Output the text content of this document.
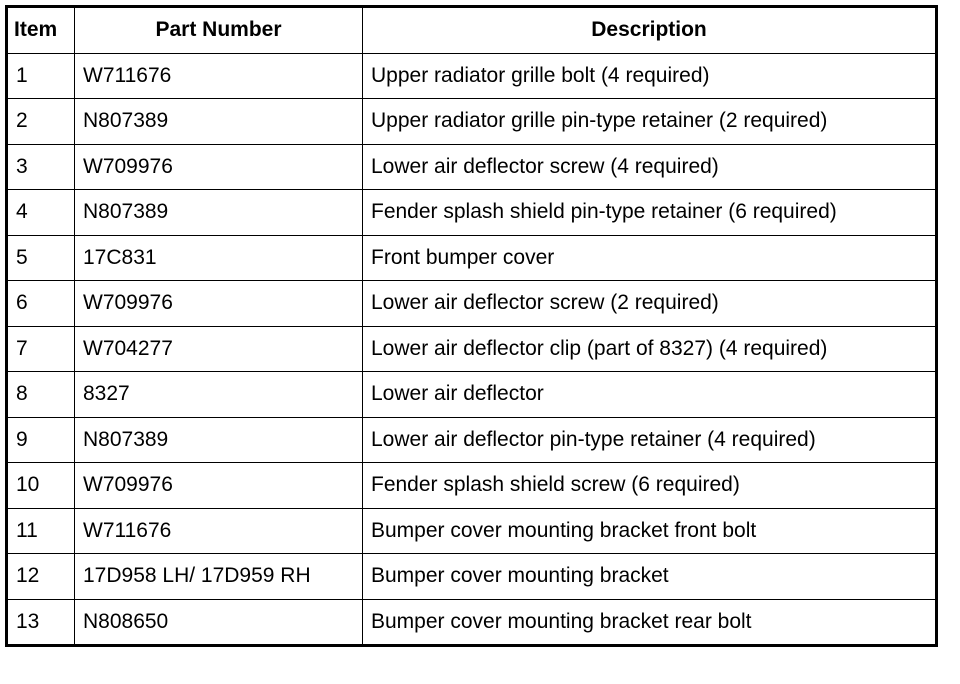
Item	Part Number	Description
1	W711676	Upper radiator grille bolt (4 required)
2	N807389	Upper radiator grille pin-type retainer (2 required)
3	W709976	Lower air deflector screw (4 required)
4	N807389	Fender splash shield pin-type retainer (6 required)
5	17C831	Front bumper cover
6	W709976	Lower air deflector screw (2 required)
7	W704277	Lower air deflector clip (part of 8327) (4 required)
8	8327	Lower air deflector
9	N807389	Lower air deflector pin-type retainer (4 required)
10	W709976	Fender splash shield screw (6 required)
11	W711676	Bumper cover mounting bracket front bolt
12	17D958 LH/ 17D959 RH	Bumper cover mounting bracket
13	N808650	Bumper cover mounting bracket rear bolt
